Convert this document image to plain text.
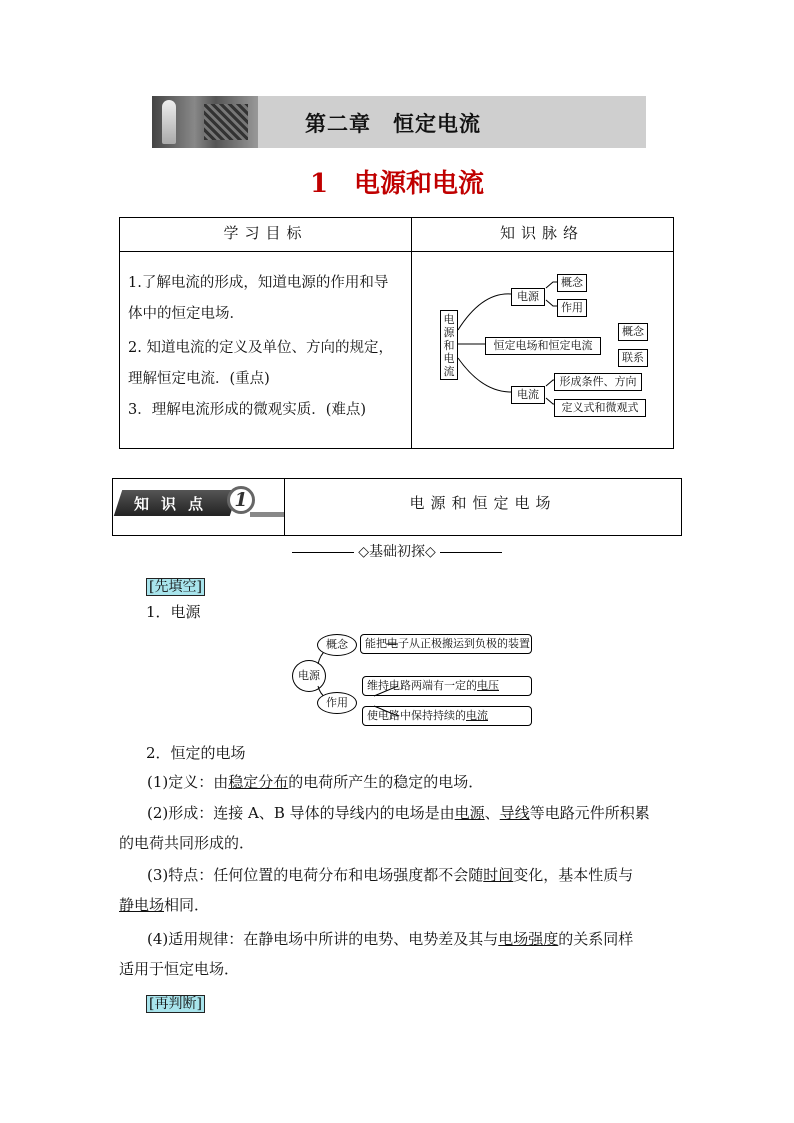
第二章　恒定电流
1　电源和电流
学习目标	知识脉络
1.了解电流的形成，知道电源的作用和导
体中的恒定电场．
2. 知道电流的定义及单位、方向的规定，
理解恒定电流．(重点)
3．理解电流形成的微观实质．(难点)
电
源
和
电
流
电源
概念
作用
恒定电场和恒定电流
概念
联系
电流
形成条件、方向
定义式和微观式
知识点	1	电源和恒定电场
◇基础初探◇
[先填空]
1．电源
电源
概念
作用
能把电子从正极搬运到负极的装置
维持电路两端有一定的电压
使电路中保持持续的电流
2．恒定的电场
(1)定义：由稳定分布的电荷所产生的稳定的电场．
(2)形成：连接 A、B 导体的导线内的电场是由电源、导线等电路元件所积累
的电荷共同形成的．
(3)特点：任何位置的电荷分布和电场强度都不会随时间变化，基本性质与
静电场相同．
(4)适用规律：在静电场中所讲的电势、电势差及其与电场强度的关系同样
适用于恒定电场．
[再判断]
